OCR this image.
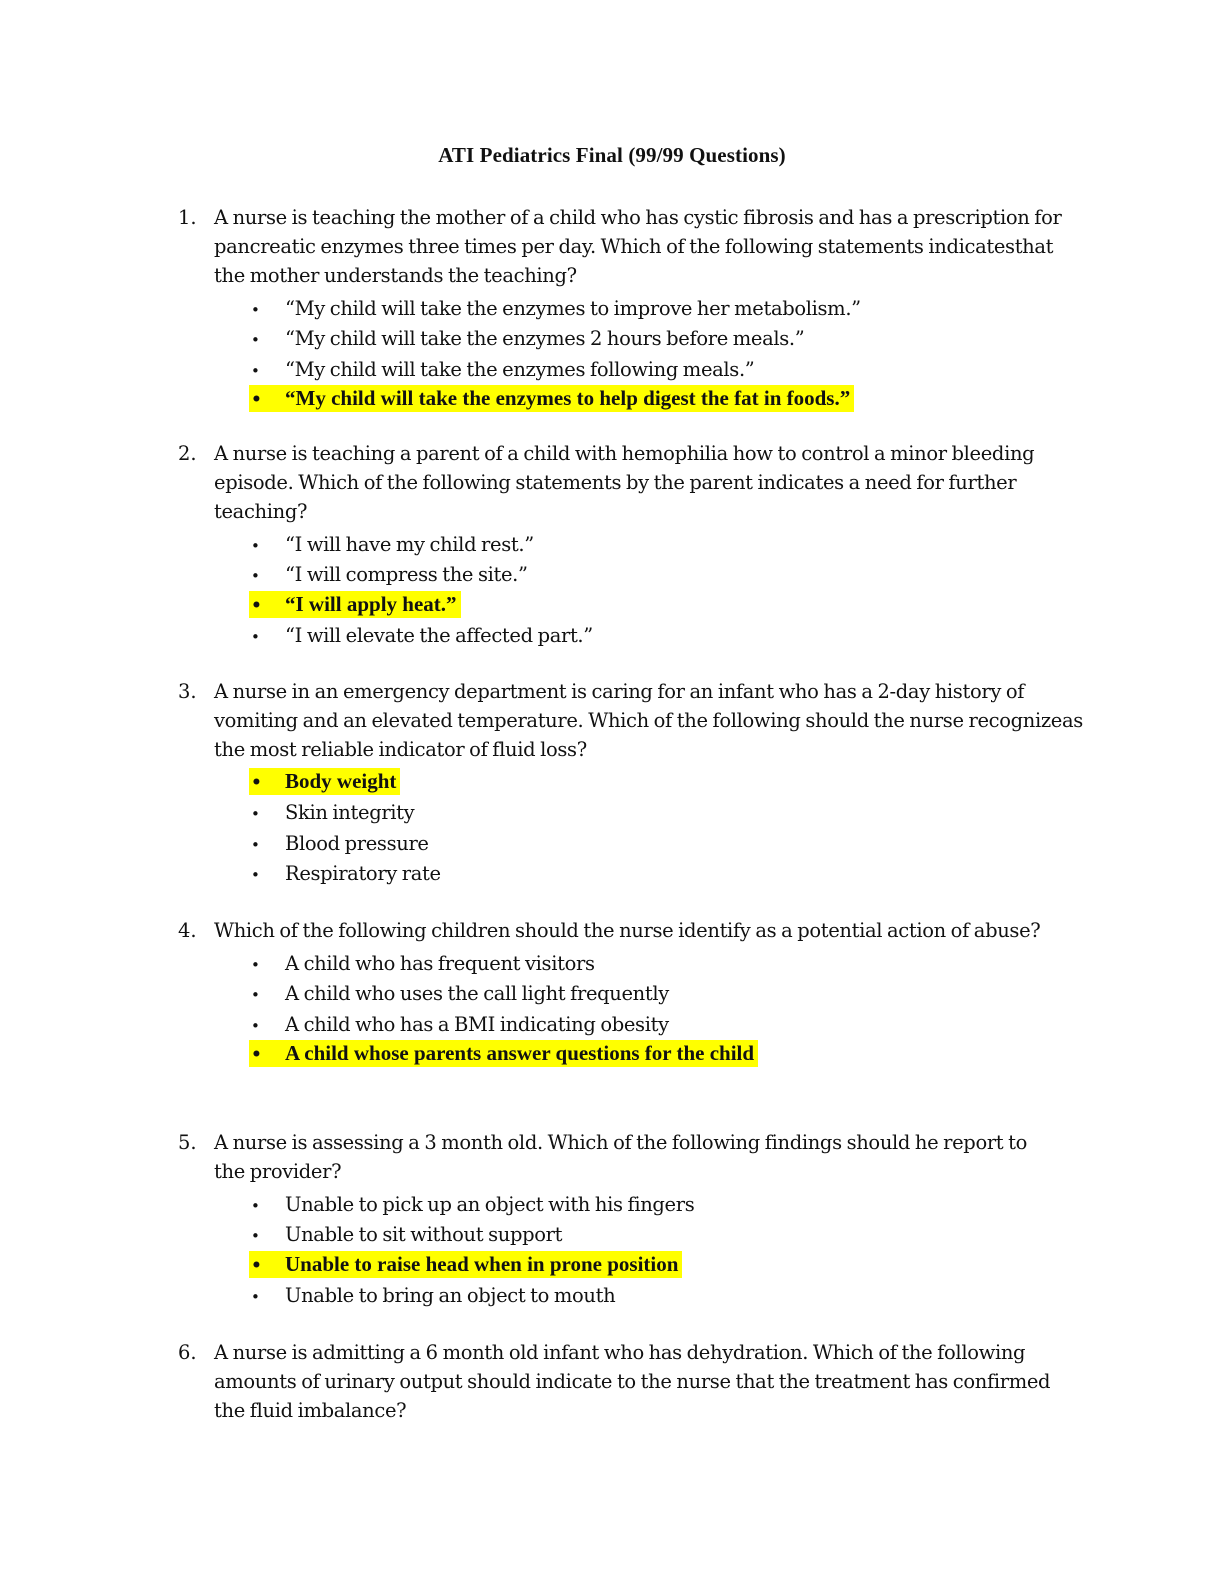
ATI Pediatrics Final (99/99 Questions)
1. A nurse is teaching the mother of a child who has cystic fibrosis and has a prescription for
pancreatic enzymes three times per day. Which of the following statements indicatesthat
the mother understands the teaching?
• “My child will take the enzymes to improve her metabolism.”
• “My child will take the enzymes 2 hours before meals.”
• “My child will take the enzymes following meals.”
• “My child will take the enzymes to help digest the fat in foods.”
2. A nurse is teaching a parent of a child with hemophilia how to control a minor bleeding
episode. Which of the following statements by the parent indicates a need for further
teaching?
• “I will have my child rest.”
• “I will compress the site.”
• “I will apply heat.”
• “I will elevate the affected part.”
3. A nurse in an emergency department is caring for an infant who has a 2-day history of
vomiting and an elevated temperature. Which of the following should the nurse recognizeas
the most reliable indicator of fluid loss?
• Body weight
• Skin integrity
• Blood pressure
• Respiratory rate
4. Which of the following children should the nurse identify as a potential action of abuse?
• A child who has frequent visitors
• A child who uses the call light frequently
• A child who has a BMI indicating obesity
• A child whose parents answer questions for the child
5. A nurse is assessing a 3 month old. Which of the following findings should he report to
the provider?
• Unable to pick up an object with his fingers
• Unable to sit without support
• Unable to raise head when in prone position
• Unable to bring an object to mouth
6. A nurse is admitting a 6 month old infant who has dehydration. Which of the following
amounts of urinary output should indicate to the nurse that the treatment has confirmed
the fluid imbalance?
